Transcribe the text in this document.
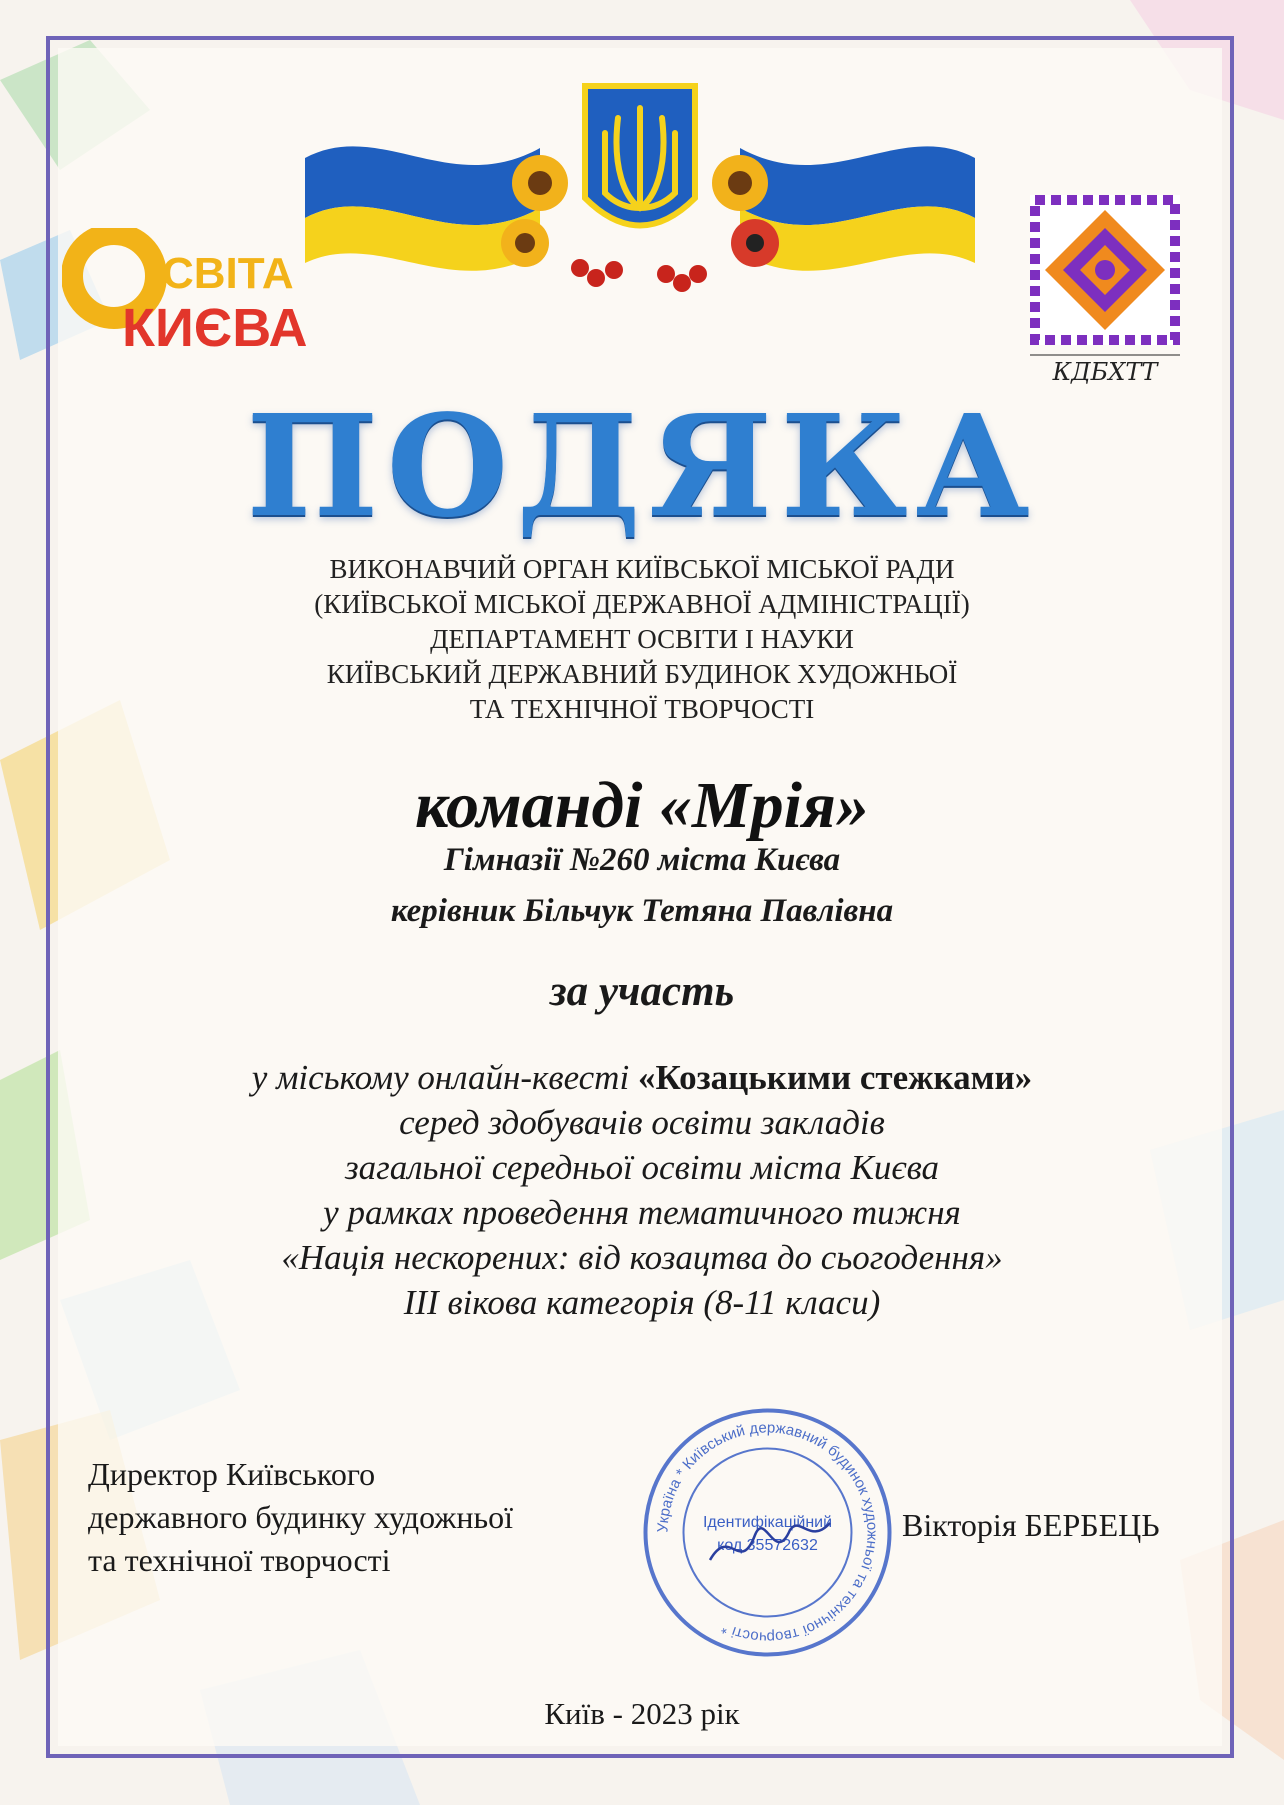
СВІТА
КИЄВА
КДБХТТ
ПОДЯКА
ВИКОНАВЧИЙ ОРГАН КИЇВСЬКОЇ МІСЬКОЇ РАДИ
(КИЇВСЬКОЇ МІСЬКОЇ ДЕРЖАВНОЇ АДМІНІСТРАЦІЇ)
ДЕПАРТАМЕНТ ОСВІТИ І НАУКИ
КИЇВСЬКИЙ ДЕРЖАВНИЙ БУДИНОК ХУДОЖНЬОЇ
ТА ТЕХНІЧНОЇ ТВОРЧОСТІ
команді «Мрія»
Гімназії №260 міста Києва
керівник Більчук Тетяна Павлівна
за участь
у міському онлайн-квесті «Козацькими стежками»
серед здобувачів освіти закладів
загальної середньої освіти міста Києва
у рамках проведення тематичного тижня
«Нація нескорених: від козацтва до сьогодення»
III вікова категорія (8-11 класи)
Директор Київського
державного будинку художньої
та технічної творчості
Україна * Київський державний будинок художньої та технічної творчості *
Ідентифікаційний
код 35572632
Вікторія БЕРБЕЦЬ
Київ - 2023 рік
